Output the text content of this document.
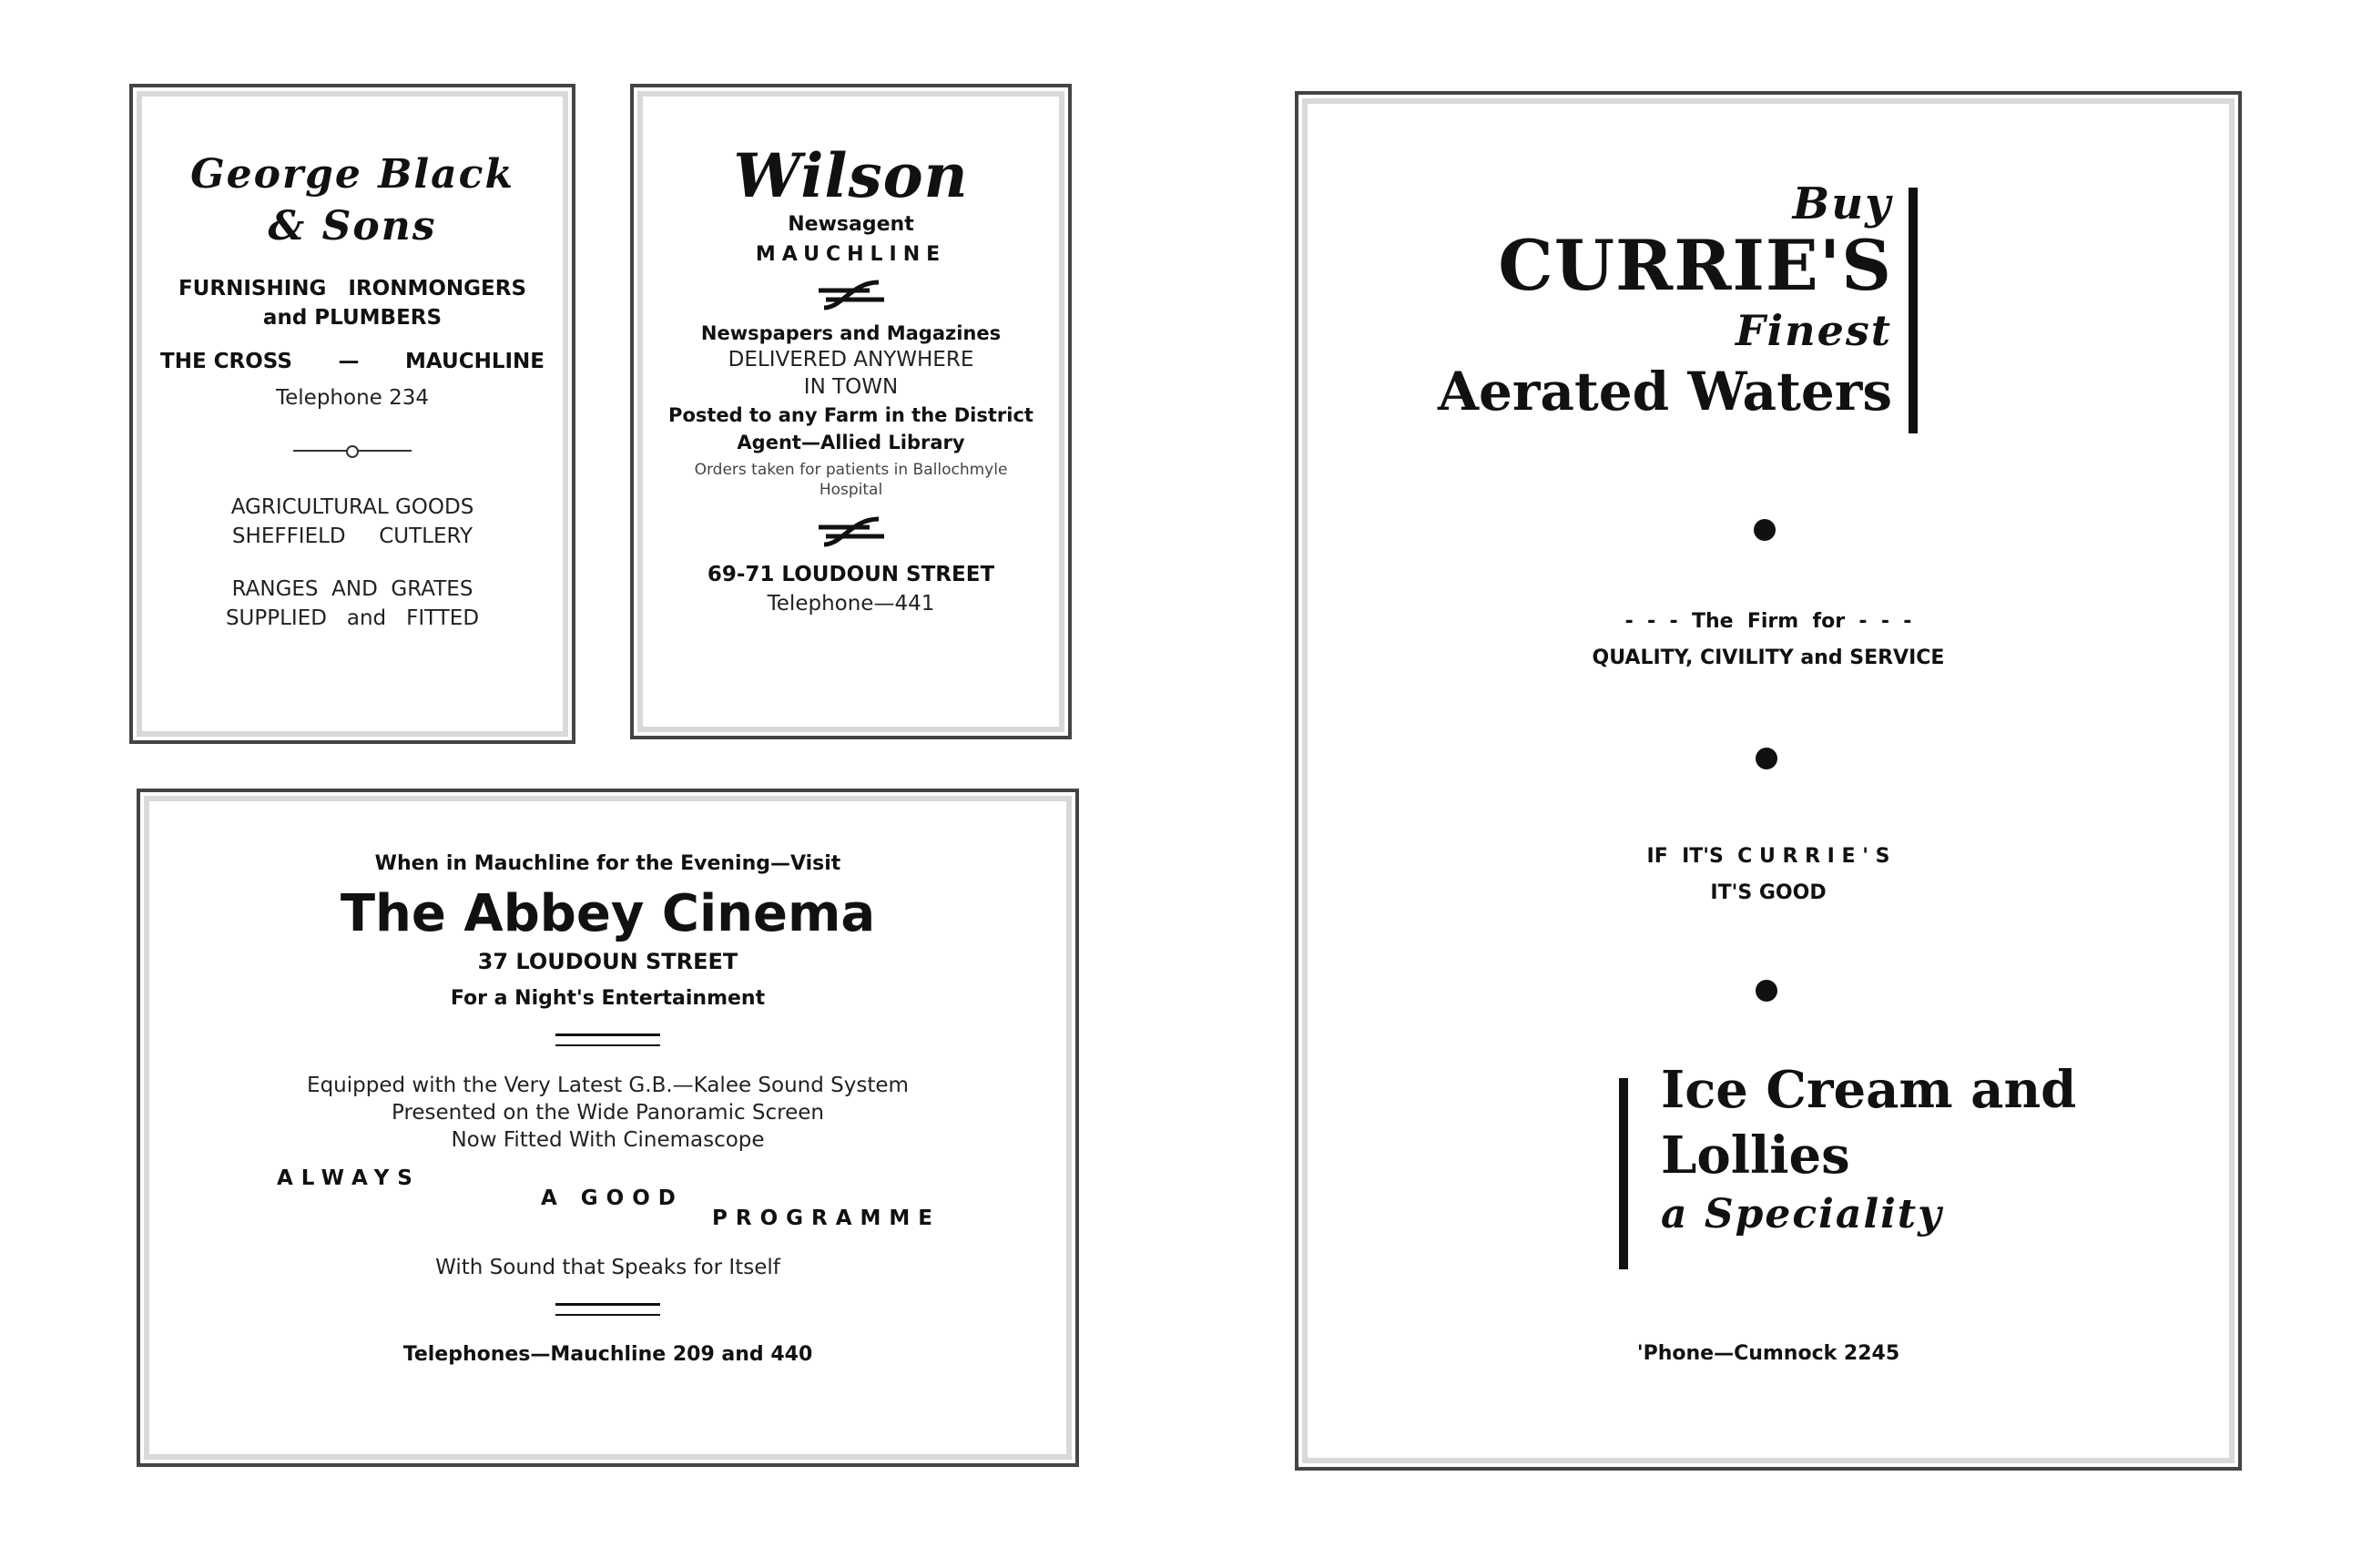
George Black
& Sons
FURNISHING   IRONMONGERS
and PLUMBERS
THE CROSS — MAUCHLINE
Telephone 234
AGRICULTURAL GOODS
SHEFFIELD     CUTLERY
RANGES  AND  GRATES
SUPPLIED   and   FITTED
Wilson
Newsagent
MAUCHLINE
Newspapers and Magazines
DELIVERED ANYWHERE
IN TOWN
Posted to any Farm in the District
Agent—Allied Library
Orders taken for patients in Ballochmyle
Hospital
69-71 LOUDOUN STREET
Telephone—441
When in Mauchline for the Evening—Visit
The Abbey Cinema
37 LOUDOUN STREET
For a Night's Entertainment
Equipped with the Very Latest G.B.—Kalee Sound System
Presented on the Wide Panoramic Screen
Now Fitted With Cinemascope
ALWAYS
A GOOD
PROGRAMME
With Sound that Speaks for Itself
Telephones—Mauchline 209 and 440
Buy
CURRIE'S
Finest
Aerated Waters
-  -  -  The  Firm  for  -  -  -
QUALITY, CIVILITY and SERVICE
IF  IT'S  C U R R I E ' S
IT'S GOOD
Ice Cream and
Lollies
a Speciality
'Phone—Cumnock 2245
